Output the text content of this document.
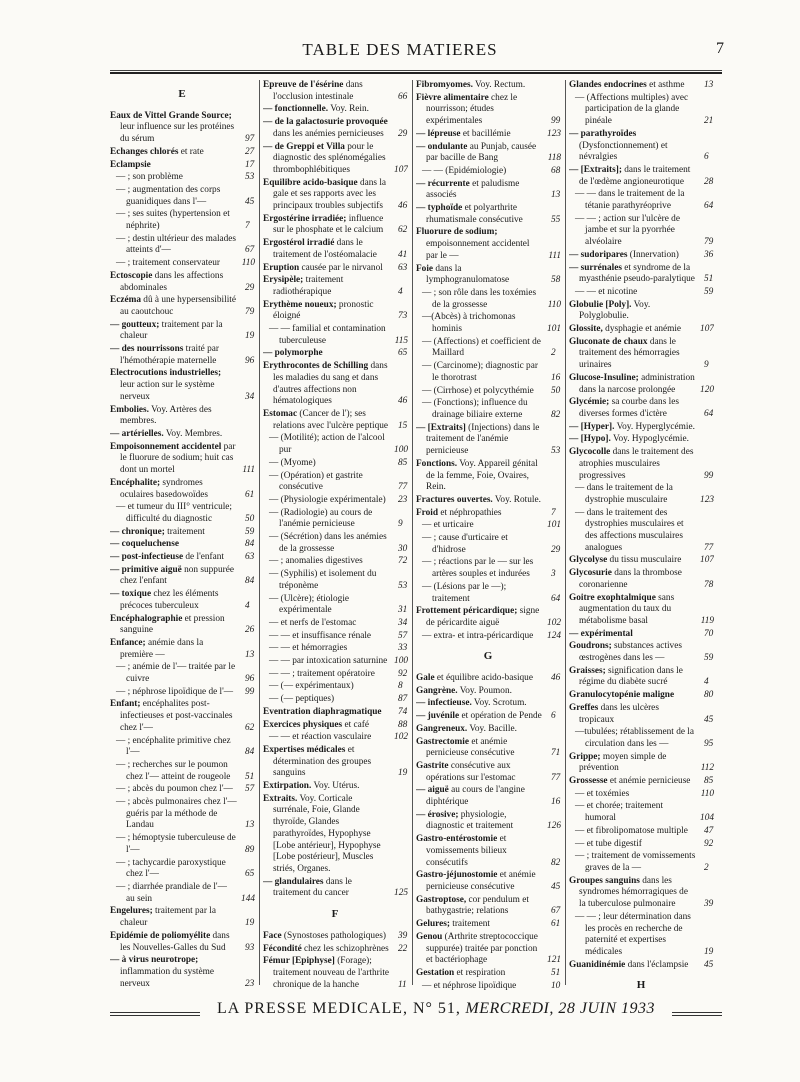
TABLE DES MATIERES	7
E
Eaux de Vittel Grande Source; leur influence sur les protéines du sérum	97
Echanges chlorés et rate	27
Eclampsie	17
— ; son problème	53
— ; augmentation des corps guanidiques dans l'—	45
— ; ses suites (hypertension et néphrite)	7
— ; destin ultérieur des malades atteints d'—	67
— ; traitement conservateur 110
Ectoscopie dans les affections abdominales	29
Eczéma dû à une hypersensibilité au caoutchouc	79
— goutteux; traitement par la chaleur	19
— des nourrissons traité par l'hémothérapie maternelle	96
Electrocutions industrielles; leur action sur le système nerveux	34
Embolies. Voy. Artères des membres.
— artérielles. Voy. Membres.
Empoisonnement accidentel par le fluorure de sodium; huit cas dont un mortel	111
Encéphalite; syndromes oculaires basedowoïdes	61
— et tumeur du III° ventricule; difficulté du diagnostic	50
— chronique; traitement	59
— coqueluchense	84
— post-infectieuse de l'enfant 63
— primitive aiguë non suppurée chez l'enfant	84
— toxique chez les éléments précoces tuberculeux	4
Encéphalographie et pression sanguine	26
Enfance; anémie dans la première —	13
— ; anémie de l'— traitée par le cuivre	96
— ; néphrose lipoïdique de l'— 99
Enfant; encéphalites post-infectieuses et post-vaccinales chez l'—	62
— ; encéphalite primitive chez l'—	84
— ; recherches sur le poumon chez l'— atteint de rougeole 51
— ; abcès du poumon chez l'— 57
— ; abcès pulmonaires chez l'— guéris par la méthode de Landau	13
— ; hémoptysie tuberculeuse de l'—	89
— ; tachycardie paroxystique chez l'—	65
— ; diarrhée prandiale de l'— au sein	144
Engelures; traitement par la chaleur	19
Epidémie de poliomyélite dans les Nouvelles-Galles du Sud 93
— à virus neurotrope; inflammation du système nerveux	23
Epreuve de l'ésérine dans l'occlusion intestinale	66
— fonctionnelle. Voy. Rein.
— de la galactosurie provoquée dans les anémies pernicieuses 29
— de Greppi et Villa pour le diagnostic des splénomégalies thrombophlébitiques	107
Equilibre acido-basique dans la gale et ses rapports avec les principaux troubles subjectifs 46
Ergostérine irradiée; influence sur le phosphate et le calcium 62
Ergostérol irradié dans le traitement de l'ostéomalacie 41
Eruption causée par le nirvanol 63
Erysipèle; traitement radiothérapique	4
Erythème noueux; pronostic éloigné	73
— — familial et contamination tuberculeuse	115
— polymorphe	65
Erythrocontes de Schilling dans les maladies du sang et dans d'autres affections non hématologiques	46
Estomac (Cancer de l'); ses relations avec l'ulcère peptique 15
— (Motilité); action de l'alcool pur	100
— (Myome)	85
— (Opération) et gastrite consécutive	77
— (Physiologie expérimentale) 23
— (Radiologie) au cours de l'anémie pernicieuse	9
— (Sécrétion) dans les anémies de la grossesse	30
— ; anomalies digestives	72
— (Syphilis) et isolement du tréponème	53
— (Ulcère); étiologie expérimentale	31
— et nerfs de l'estomac	34
— — et insuffisance rénale	57
— — et hémorragies	33
— — par intoxication saturnine 100
— — ; traitement opératoire 92
— (— expérimentaux)	8
— (— peptiques)	87
Eventration diaphragmatique 74
Exercices physiques et café	88
— — et réaction vasculaire 102
Expertises médicales et détermination des groupes sanguins	19
Extirpation. Voy. Utérus.
Extraits. Voy. Corticale surrénale, Foie, Glande thyroïde, Glandes parathyroïdes, Hypophyse [Lobe antérieur], Hypophyse [Lobe postérieur], Muscles striés, Organes.
— glandulaires dans le traitement du cancer	125
F
Face (Synostoses pathologiques) 39
Fécondité chez les schizophrènes 22
Fémur [Epiphyse] (Forage); traitement nouveau de l'arthrite chronique de la hanche	11
Fibromyomes. Voy. Rectum.
Fièvre alimentaire chez le nourrisson; études expérimentales	99
— lépreuse et bacillémie	123
— ondulante au Punjab, causée par bacille de Bang	118
— — (Epidémiologie)	68
— récurrente et paludisme associés	13
— typhoïde et polyarthrite rhumatismale consécutive	55
Fluorure de sodium; empoisonnement accidentel par le —	111
Foie dans la lymphogranulomatose	58
— ; son rôle dans les toxémies de la grossesse	110
—(Abcès) à trichomonas hominis	101
— (Affections) et coefficient de Maillard	2
— (Carcinome); diagnostic par le thorotrast	16
— (Cirrhose) et polycythémie 50
— (Fonctions); influence du drainage biliaire externe	82
— [Extraits] (Injections) dans le traitement de l'anémie pernicieuse	53
Fonctions. Voy. Appareil génital de la femme, Foie, Ovaires, Rein.
Fractures ouvertes. Voy. Rotule.
Froid et néphropathies	7
— et urticaire	101
— ; cause d'urticaire et d'hidrose	29
— ; réactions par le — sur les artères souples et indurées 3
— (Lésions par le —); traitement	64
Frottement péricardique; signe de péricardite aiguë	102
— extra- et intra-péricardique 124
G
Gale et équilibre acido-basique 46
Gangrène. Voy. Poumon.
— infectieuse. Voy. Scrotum.
— juvénile et opération de Pende 6
Gangreneux. Voy. Bacille.
Gastrectomie et anémie pernicieuse consécutive	71
Gastrite consécutive aux opérations sur l'estomac	77
— aiguë au cours de l'angine diphtérique	16
— érosive; physiologie, diagnostic et traitement	126
Gastro-entérostomie et vomissements bilieux consécutifs	82
Gastro-jéjunostomie et anémie pernicieuse consécutive	45
Gastroptose, cor pendulum et bathygastrie; relations	67
Gelures; traitement	61
Genou (Arthrite streptococcique suppurée) traitée par ponction et bactériophage	121
Gestation et respiration	51
— et néphrose lipoïdique	10
Glandes endocrines et asthme 13
— (Affections multiples) avec participation de la glande pinéale	21
— parathyroïdes (Dysfonctionnement) et névralgies	6
— [Extraits]; dans le traitement de l'œdème angioneurotique 28
— — dans le traitement de la tétanie parathyréoprive	64
— — ; action sur l'ulcère de jambe et sur la pyorrhée alvéolaire	79
— sudoripares (Innervation)	36
— surrénales et syndrome de la myasthénie pseudo-paralytique 51
— — et nicotine	59
Globulie [Poly]. Voy. Polyglobulie.
Glossite, dysphagie et anémie 107
Gluconate de chaux dans le traitement des hémorragies urinaires	9
Glucose-Insuline; administration dans la narcose prolongée	120
Glycémie; sa courbe dans les diverses formes d'ictère	64
— [Hyper]. Voy. Hyperglycémie.
— [Hypo]. Voy. Hypoglycémie.
Glycocolle dans le traitement des atrophies musculaires progressives	99
— dans le traitement de la dystrophie musculaire	123
— dans le traitement des dystrophies musculaires et des affections musculaires analogues	77
Glycolyse du tissu musculaire 107
Glycosurie dans la thrombose coronarienne	78
Goitre exophtalmique sans augmentation du taux du métabolisme basal	119
— expérimental	70
Goudrons; substances actives œstrogènes dans les —	59
Graisses; signification dans le régime du diabète sucré	4
Granulocytopénie maligne	80
Greffes dans les ulcères tropicaux	45
—tubulées; rétablissement de la circulation dans les —	95
Grippe; moyen simple de prévention	112
Grossesse et anémie pernicieuse 85
— et toxémies	110
— et chorée; traitement humoral	104
— et fibrolipomatose multiple 47
— et tube digestif	92
— ; traitement de vomissements graves de la —	2
Groupes sanguins dans les syndromes hémorragiques de la tuberculose pulmonaire	39
— — ; leur détermination dans les procès en recherche de paternité et expertises médicales	19
Guanidinémie dans l'éclampsie 45
H
LA PRESSE MEDICALE, N° 51, MERCREDI, 28 JUIN 1933
